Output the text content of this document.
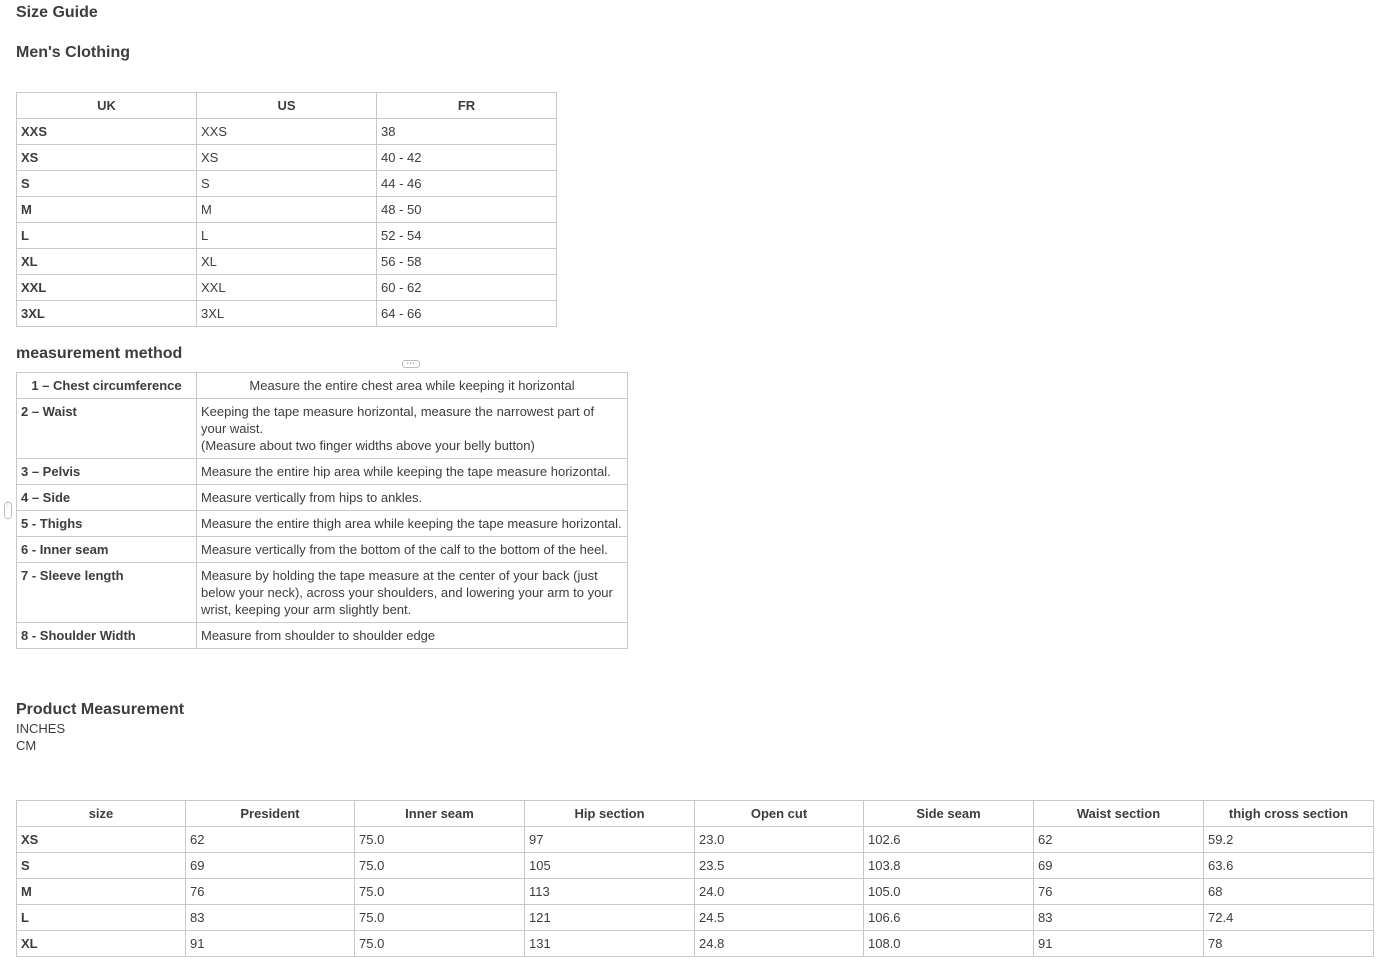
Size Guide
Men's Clothing
UK	US	FR
XXS	XXS	38
XS	XS	40 - 42
S	S	44 - 46
M	M	48 - 50
L	L	52 - 54
XL	XL	56 - 58
XXL	XXL	60 - 62
3XL	3XL	64 - 66
measurement method
•••
⋮
1 – Chest circumference	Measure the entire chest area while keeping it horizontal

2 – Waist	Keeping the tape measure horizontal, measure the narrowest part of your waist.
(Measure about two finger widths above your belly button)

3 – Pelvis	Measure the entire hip area while keeping the tape measure horizontal.

4 – Side	Measure vertically from hips to ankles.

5 - Thighs	Measure the entire thigh area while keeping the tape measure horizontal.

6 - Inner seam	Measure vertically from the bottom of the calf to the bottom of the heel.

7 - Sleeve length	Measure by holding the tape measure at the center of your back (just below your neck), across your shoulders, and lowering your arm to your wrist, keeping your arm slightly bent.

8 - Shoulder Width	Measure from shoulder to shoulder edge
Product Measurement
INCHES
CM
size	President	Inner seam	Hip section	Open cut	Side seam	Waist section	thigh cross section
XS	62	75.0	97	23.0	102.6	62	59.2
S	69	75.0	105	23.5	103.8	69	63.6
M	76	75.0	113	24.0	105.0	76	68
L	83	75.0	121	24.5	106.6	83	72.4
XL	91	75.0	131	24.8	108.0	91	78
